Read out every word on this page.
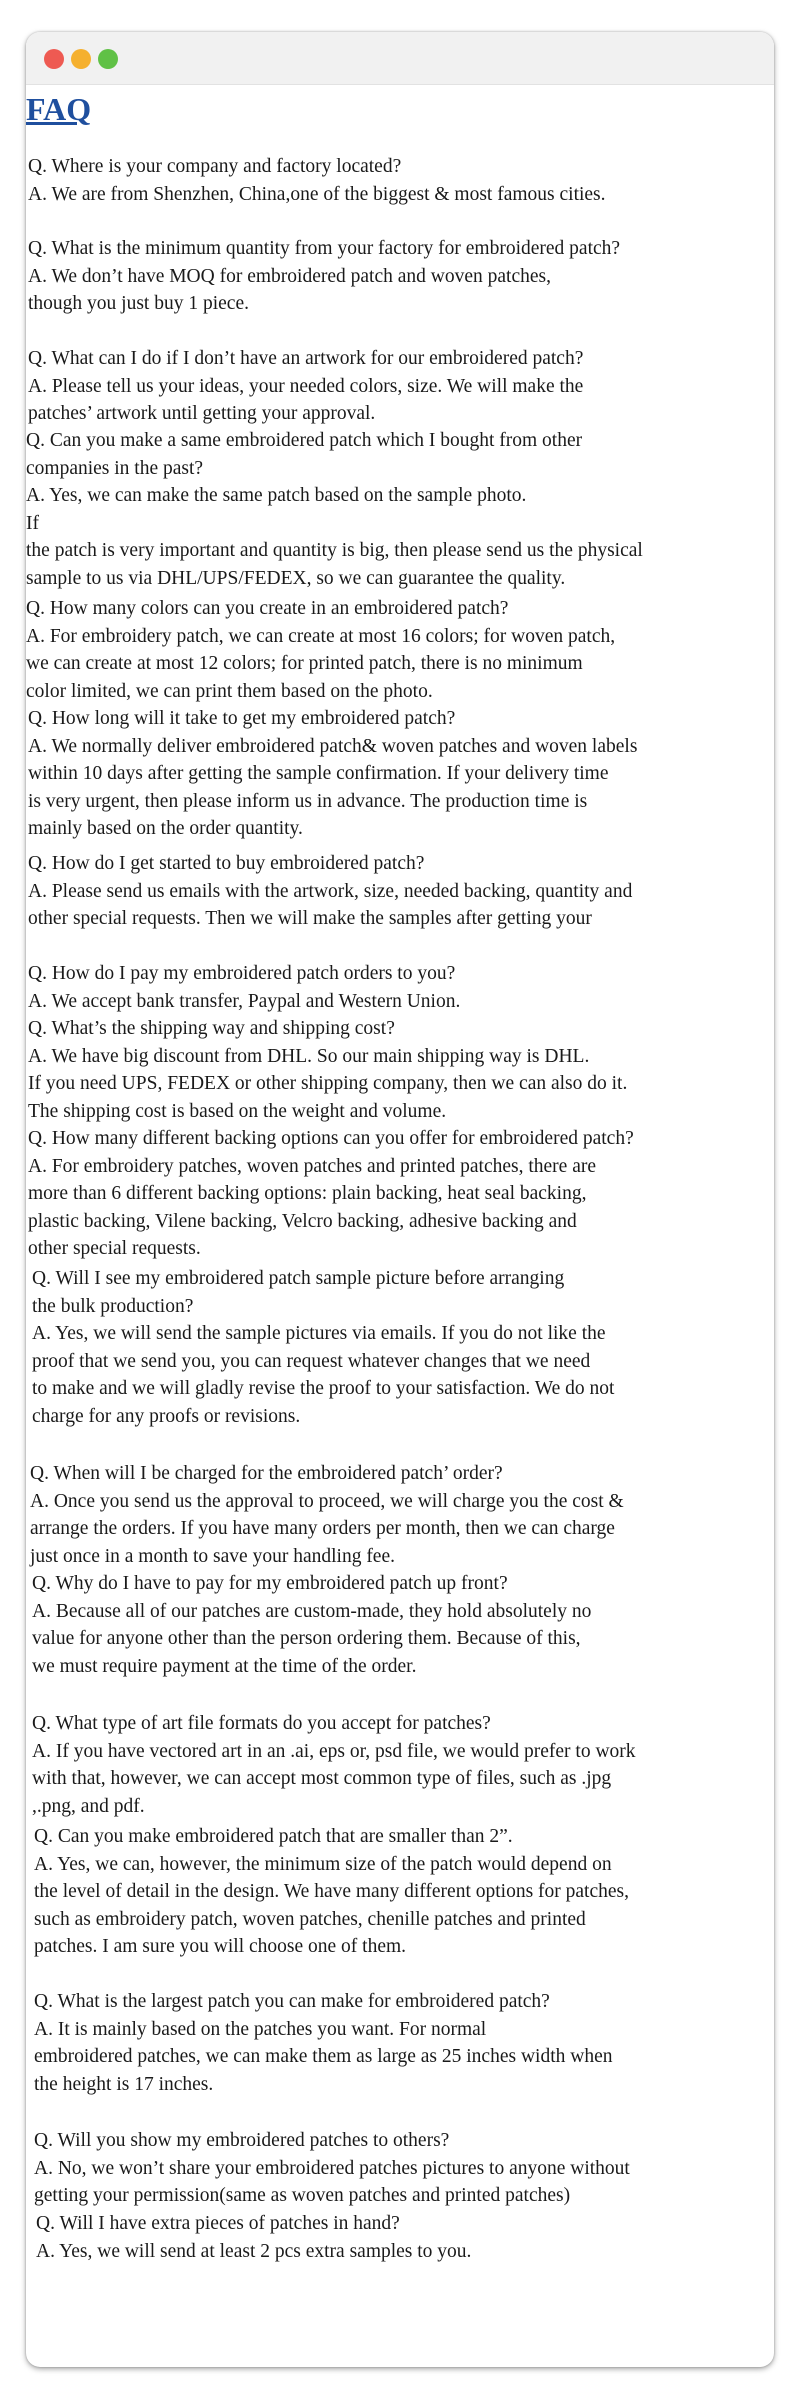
FAQ
Q. Where is your company and factory located?
A. We are from Shenzhen, China,one of the biggest & most famous cities.
Q. What is the minimum quantity from your factory for embroidered patch?
A. We don’t have MOQ for embroidered patch and woven patches,
though you just buy 1 piece.
Q. What can I do if I don’t have an artwork for our embroidered patch?
A. Please tell us your ideas, your needed colors, size. We will make the
patches’ artwork until getting your approval.
Q. Can you make a same embroidered patch which I bought from other
companies in the past?
A. Yes, we can make the same patch based on the sample photo.
If
the patch is very important and quantity is big, then please send us the physical
sample to us via DHL/UPS/FEDEX, so we can guarantee the quality.
Q. How many colors can you create in an embroidered patch?
A. For embroidery patch, we can create at most 16 colors; for woven patch,
we can create at most 12 colors; for printed patch, there is no minimum
color limited, we can print them based on the photo.
Q. How long will it take to get my embroidered patch?
A. We normally deliver embroidered patch& woven patches and woven labels
within 10 days after getting the sample confirmation. If your delivery time
is very urgent, then please inform us in advance. The production time is
mainly based on the order quantity.
Q. How do I get started to buy embroidered patch?
A. Please send us emails with the artwork, size, needed backing, quantity and
other special requests. Then we will make the samples after getting your
Q. How do I pay my embroidered patch orders to you?
A. We accept bank transfer, Paypal and Western Union.
Q. What’s the shipping way and shipping cost?
A. We have big discount from DHL. So our main shipping way is DHL.
If you need UPS, FEDEX or other shipping company, then we can also do it.
The shipping cost is based on the weight and volume.
Q. How many different backing options can you offer for embroidered patch?
A. For embroidery patches, woven patches and printed patches, there are
more than 6 different backing options: plain backing, heat seal backing,
plastic backing, Vilene backing, Velcro backing, adhesive backing and
other special requests.
Q. Will I see my embroidered patch sample picture before arranging
the bulk production?
A. Yes, we will send the sample pictures via emails. If you do not like the
proof that we send you, you can request whatever changes that we need
to make and we will gladly revise the proof to your satisfaction. We do not
charge for any proofs or revisions.
Q. When will I be charged for the embroidered patch’ order?
A. Once you send us the approval to proceed, we will charge you the cost &
arrange the orders. If you have many orders per month, then we can charge
just once in a month to save your handling fee.
Q. Why do I have to pay for my embroidered patch up front?
A. Because all of our patches are custom-made, they hold absolutely no
value for anyone other than the person ordering them. Because of this,
we must require payment at the time of the order.
Q. What type of art file formats do you accept for patches?
A. If you have vectored art in an .ai, eps or, psd file, we would prefer to work
with that, however, we can accept most common type of files, such as .jpg
,.png, and pdf.
Q. Can you make embroidered patch that are smaller than 2”.
A. Yes, we can, however, the minimum size of the patch would depend on
the level of detail in the design. We have many different options for patches,
such as embroidery patch, woven patches, chenille patches and printed
patches. I am sure you will choose one of them.
Q. What is the largest patch you can make for embroidered patch?
A. It is mainly based on the patches you want. For normal
embroidered patches, we can make them as large as 25 inches width when
the height is 17 inches.
Q. Will you show my embroidered patches to others?
A. No, we won’t share your embroidered patches pictures to anyone without
getting your permission(same as woven patches and printed patches)
Q. Will I have extra pieces of patches in hand?
A. Yes, we will send at least 2 pcs extra samples to you.
